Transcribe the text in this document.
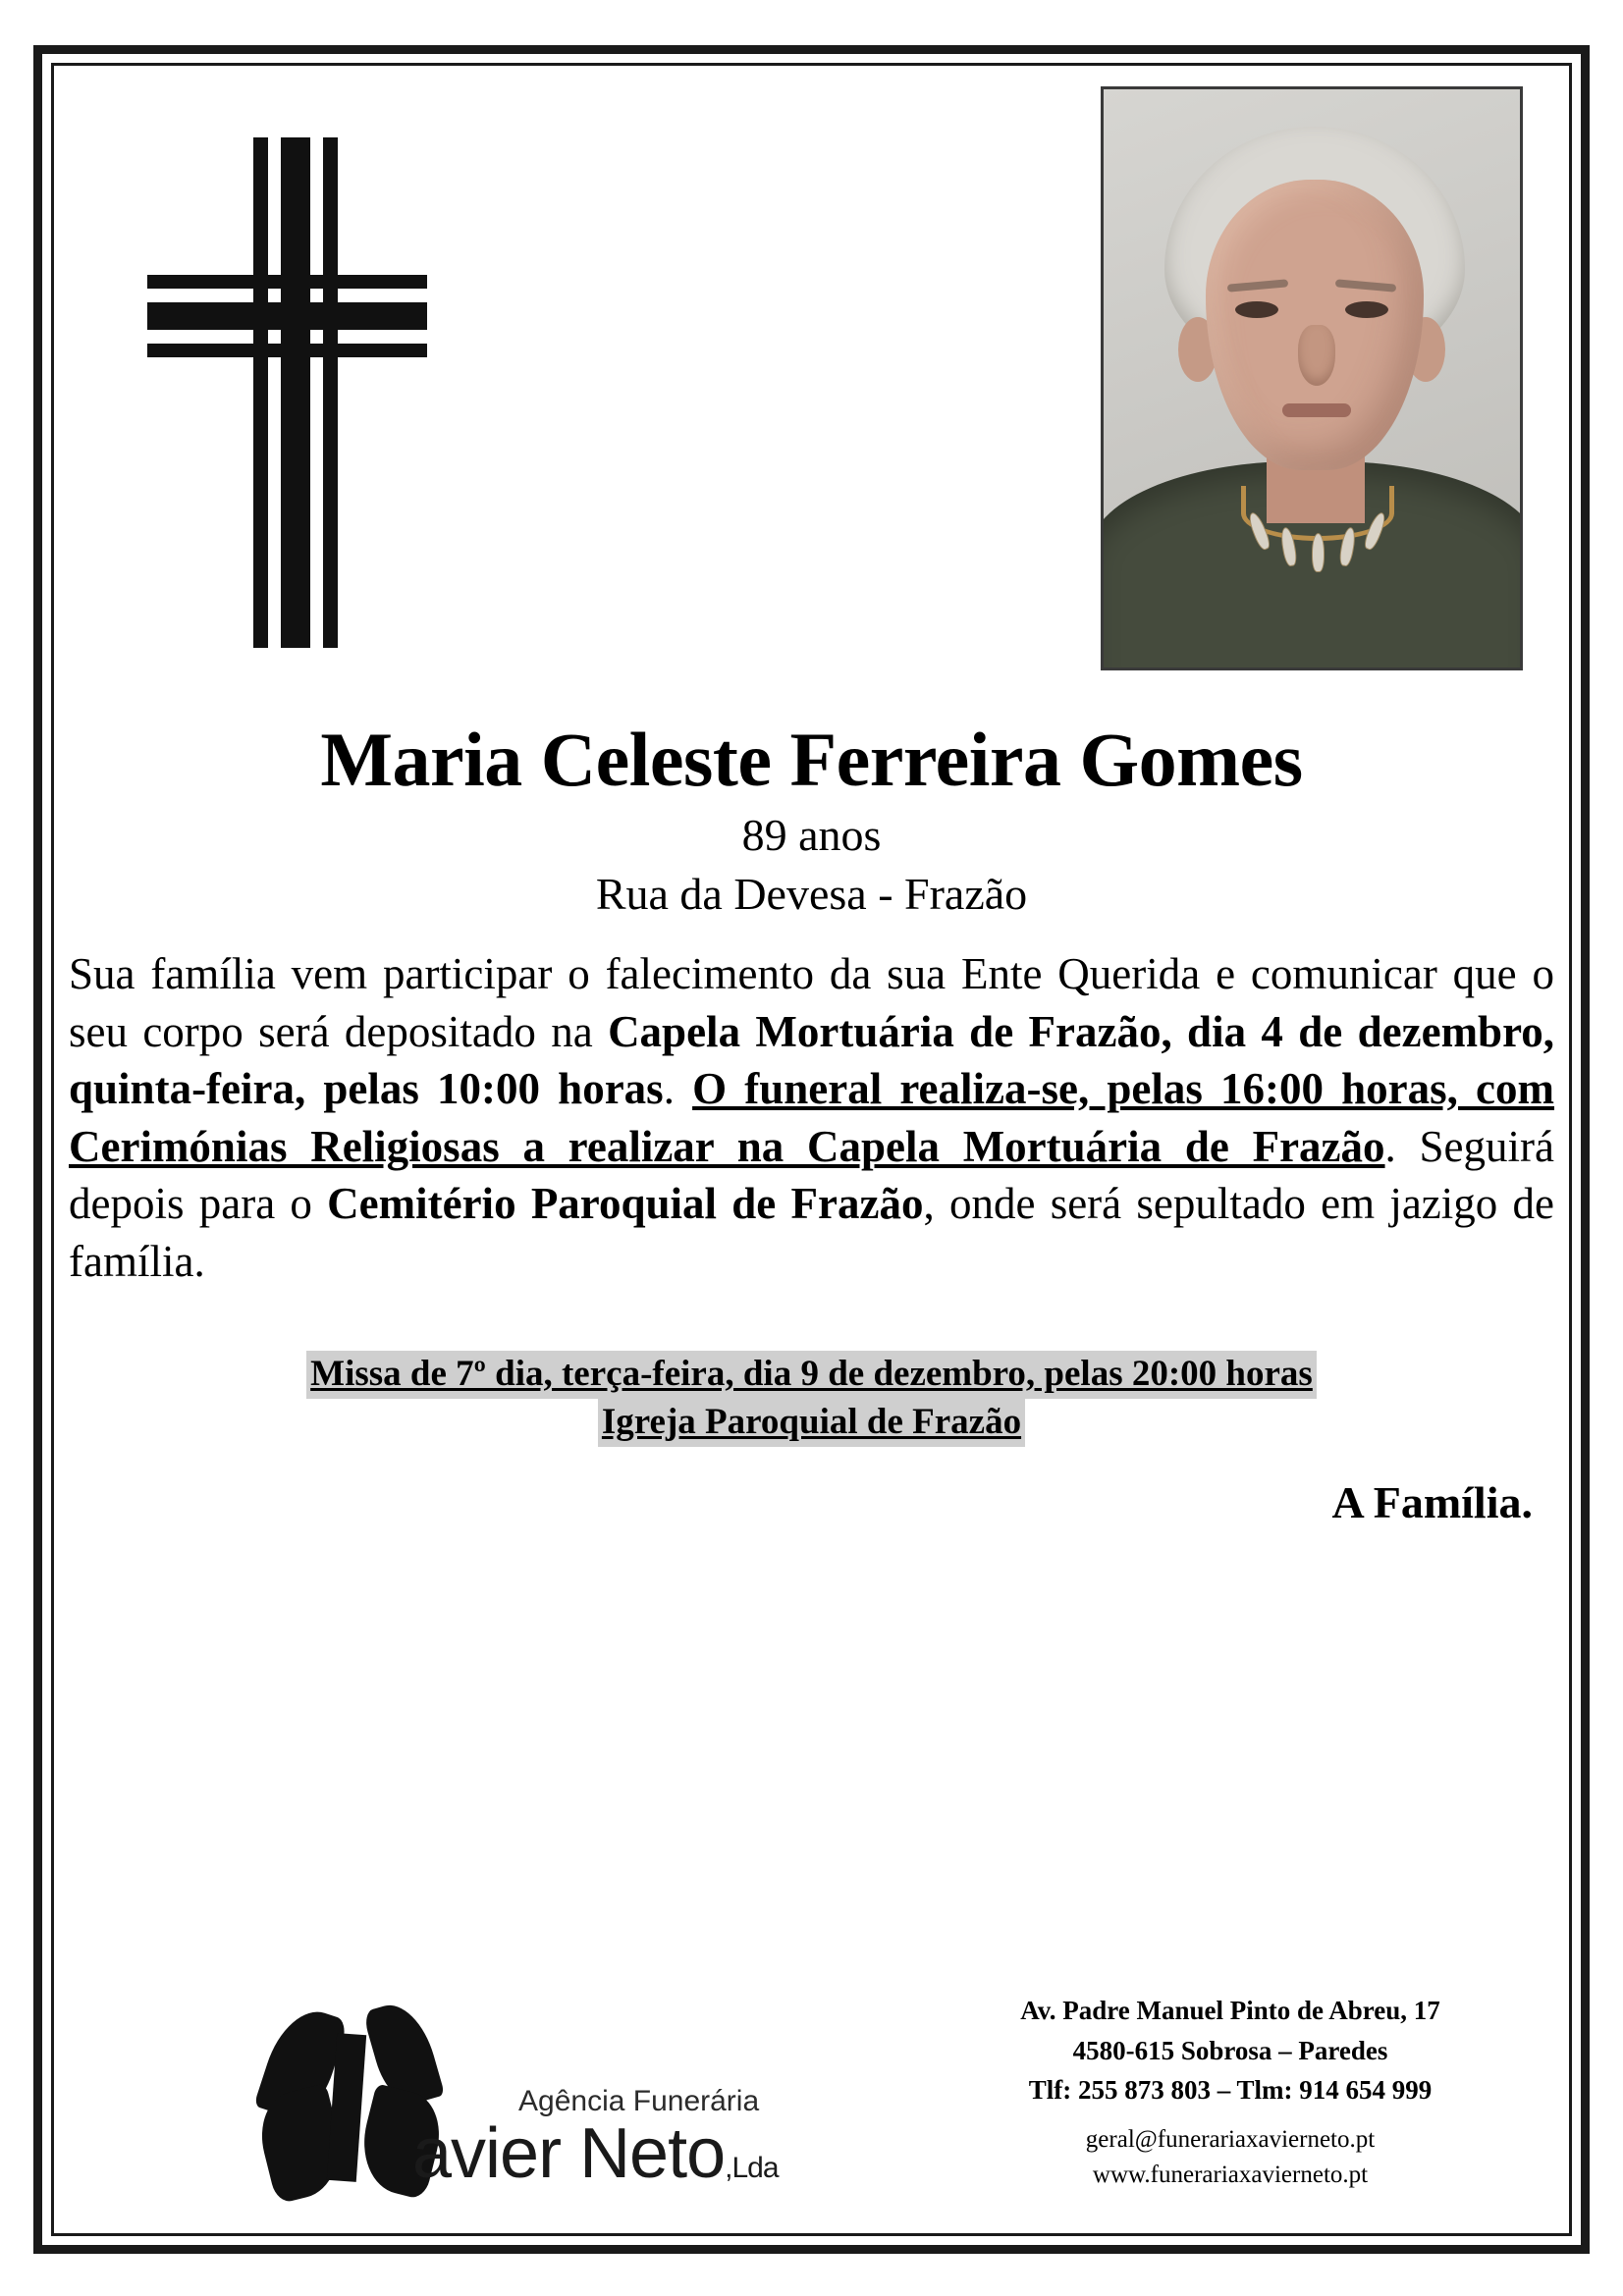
Maria Celeste Ferreira Gomes
89 anos
Rua da Devesa - Frazão
Sua família vem participar o falecimento da sua Ente Querida e comunicar que o seu corpo será depositado na Capela Mortuária de Frazão, dia 4 de dezembro, quinta-feira, pelas 10:00 horas. O funeral realiza-se, pelas 16:00 horas, com Cerimónias Religiosas a realizar na Capela Mortuária de Frazão. Seguirá depois para o Cemitério Paroquial de Frazão, onde será sepultado em jazigo de família.
Missa de 7º dia, terça-feira, dia 9 de dezembro, pelas 20:00 horas
Igreja Paroquial de Frazão
A Família.
Agência Funerária
avier Neto,Lda
Av. Padre Manuel Pinto de Abreu, 17
4580-615 Sobrosa – Paredes
Tlf: 255 873 803 – Tlm: 914 654 999
geral@funerariaxavierneto.pt
www.funerariaxavierneto.pt
